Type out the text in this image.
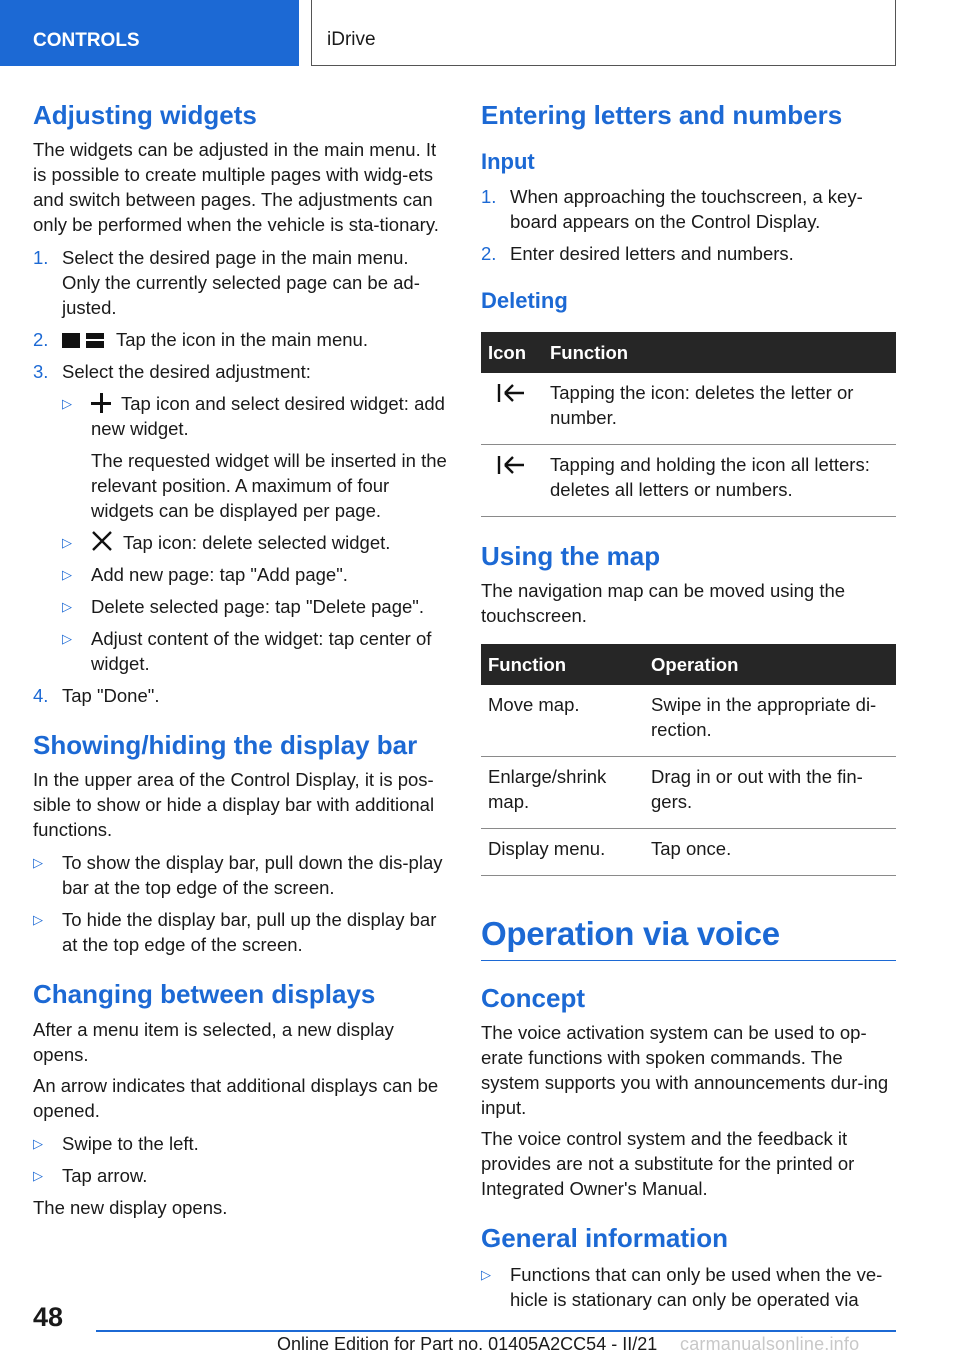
CONTROLS	iDrive
Adjusting widgets

The widgets can be adjusted in the main menu. It is possible to create multiple pages with widg‐ets and switch between pages. The adjustments can only be performed when the vehicle is sta‐tionary.

1. Select the desired page in the main menu.
Only the currently selected page can be ad‐justed.
2.	Tap the icon in the main menu.
3. Select the desired adjustment:
▷	Tap icon and select desired widget: add new widget.

The requested widget will be inserted in the relevant position. A maximum of four widgets can be displayed per page.

▷	Tap icon: delete selected widget.
▷ Add new page: tap "Add page".
▷ Delete selected page: tap "Delete page".
▷ Adjust content of the widget: tap center of widget.
4. Tap "Done".
Showing/hiding the display bar

In the upper area of the Control Display, it is pos‐sible to show or hide a display bar with additional functions.

▷ To show the display bar, pull down the dis‐play bar at the top edge of the screen.
▷ To hide the display bar, pull up the display bar at the top edge of the screen.
Changing between displays

After a menu item is selected, a new display opens.

An arrow indicates that additional displays can be opened.

▷ Swipe to the left.
▷ Tap arrow.

The new display opens.

Entering letters and numbers
Input
1. When approaching the touchscreen, a key‐board appears on the Control Display.
2. Enter desired letters and numbers.
Deleting
Icon	Function

	Tapping the icon: deletes the letter or number.

	Tapping and holding the icon all letters: deletes all letters or numbers.
Using the map

The navigation map can be moved using the touchscreen.

Function	Operation
Move map.	Swipe in the appropriate di‐rection.
Enlarge/shrink map.	Drag in or out with the fin‐gers.
Display menu.	Tap once.
Operation via voice
Concept

The voice activation system can be used to op‐erate functions with spoken commands. The system supports you with announcements dur‐ing input.

The voice control system and the feedback it provides are not a substitute for the printed or Integrated Owner's Manual.

General information
▷ Functions that can only be used when the ve‐hicle is stationary can only be operated via
48
Online Edition for Part no. 01405A2CC54 - II/21 carmanualsonline.info
